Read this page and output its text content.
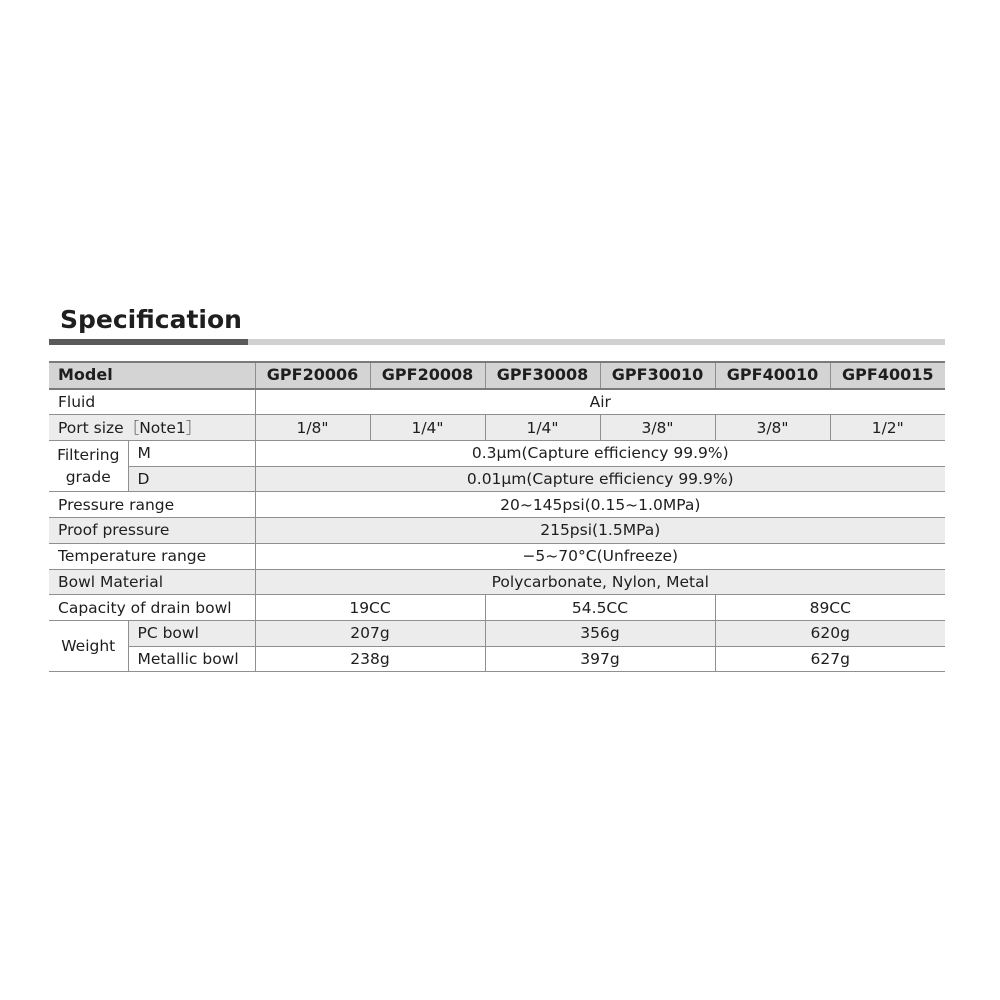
Specification
Model		GPF20006	GPF20008	GPF30008	GPF30010	GPF40010	GPF40015
Fluid		Air					
Port size［Note1］		1/8"	1/4"	1/4"	3/8"	3/8"	1/2"
Filtering
grade	M	0.3μm(Capture efficiency 99.9%)					
	D	0.01μm(Capture efficiency 99.9%)					
Pressure range		20~145psi(0.15~1.0MPa)					
Proof pressure		215psi(1.5MPa)					
Temperature range		−5~70°C(Unfreeze)					
Bowl Material		Polycarbonate, Nylon, Metal					
Capacity of drain bowl		19CC		54.5CC		89CC	
Weight	PC bowl	207g		356g		620g	
	Metallic bowl	238g		397g		627g	
